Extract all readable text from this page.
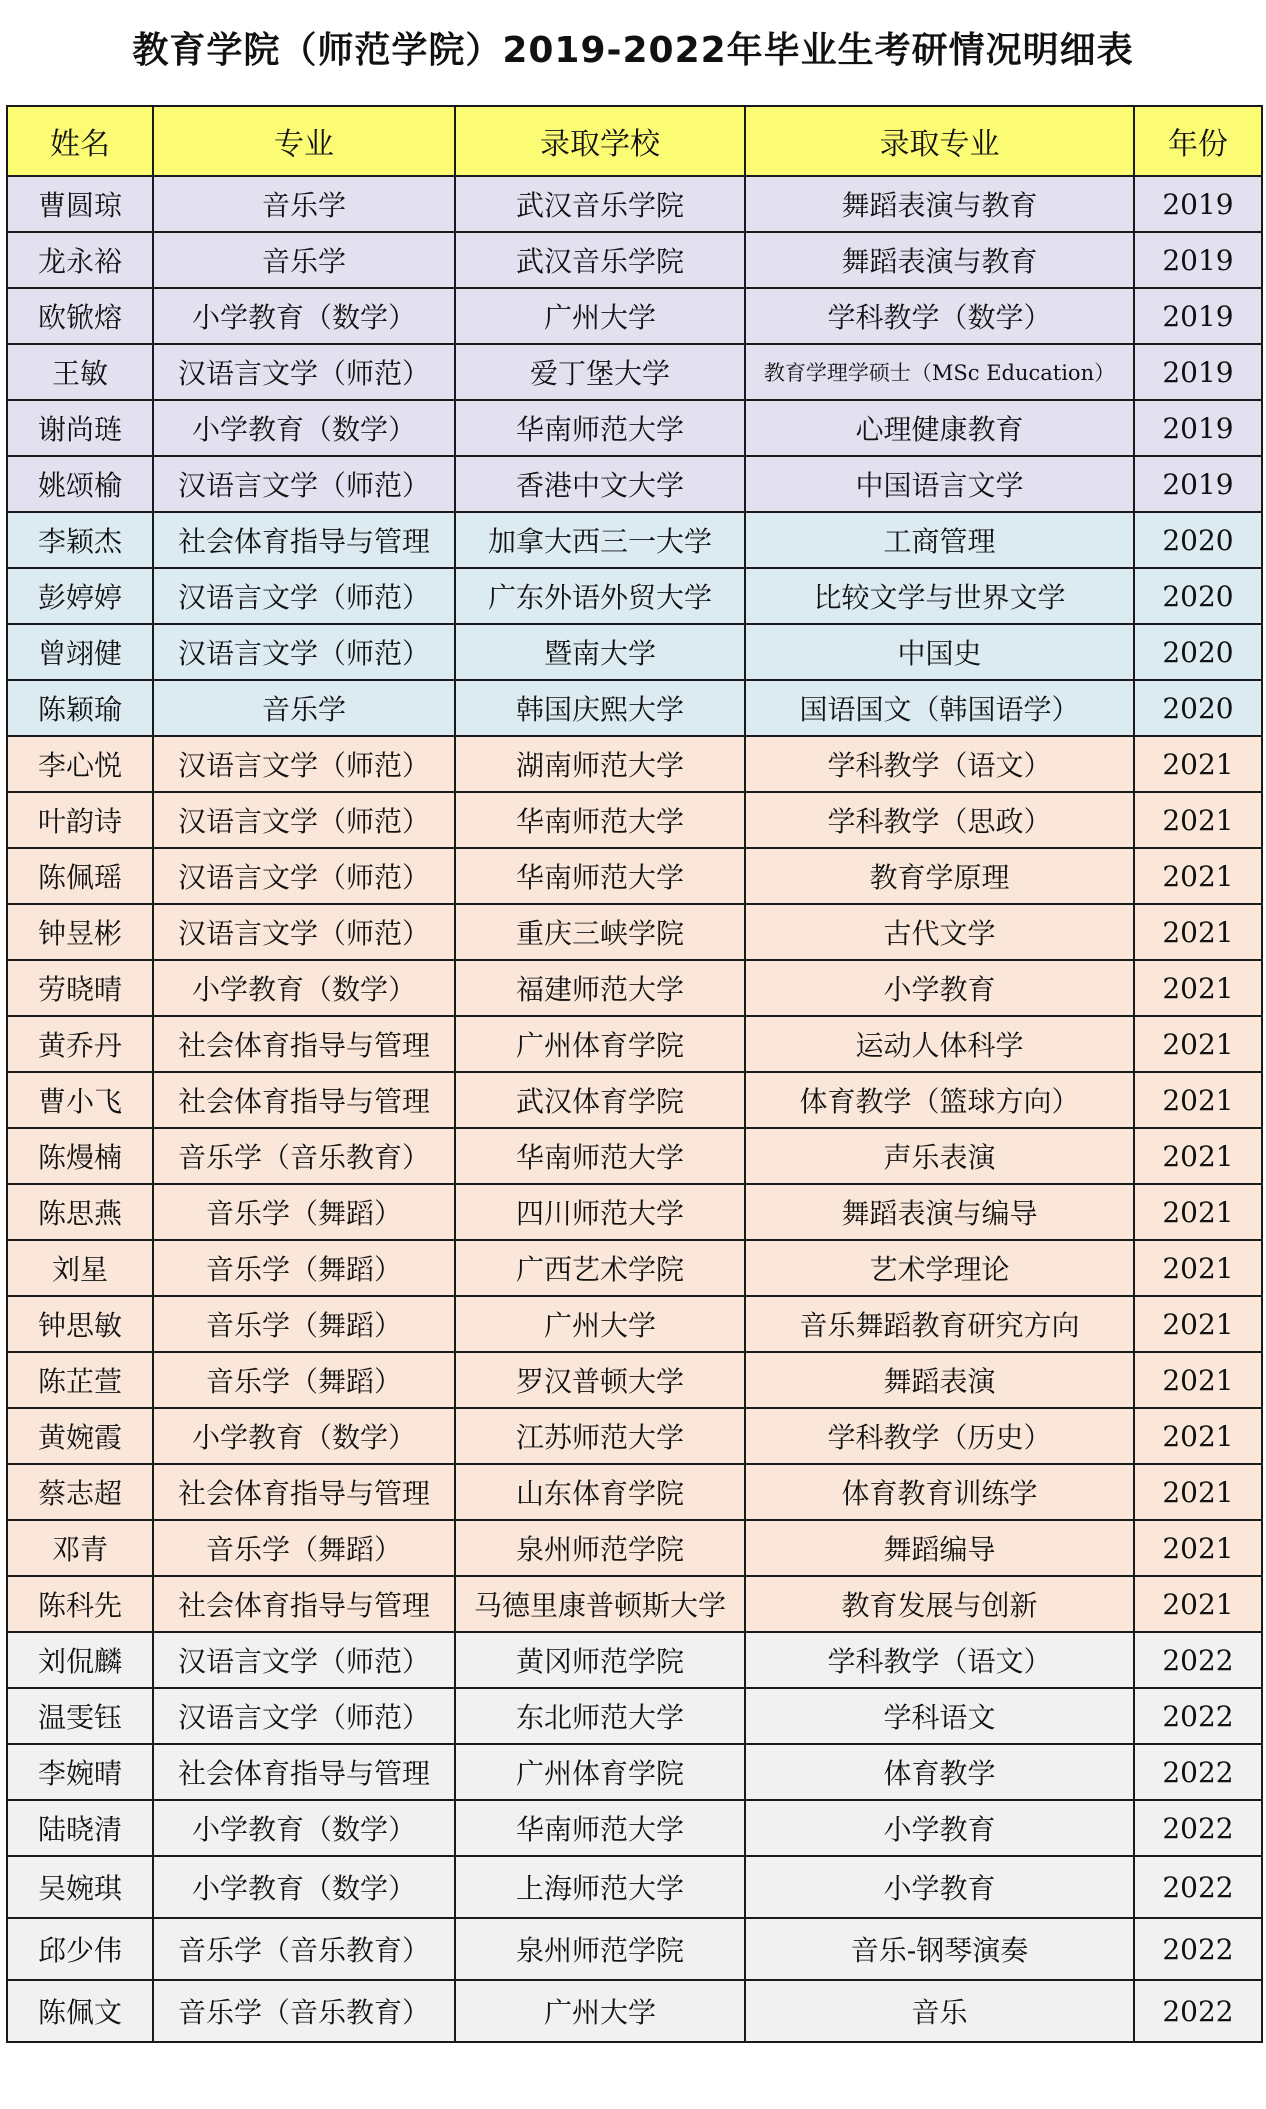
教育学院（师范学院）2019-2022年毕业生考研情况明细表
姓名	专业	录取学校	录取专业	年份
曹圆琼	音乐学	武汉音乐学院	舞蹈表演与教育	2019
龙永裕	音乐学	武汉音乐学院	舞蹈表演与教育	2019
欧锨熔	小学教育（数学）	广州大学	学科教学（数学）	2019
王敏	汉语言文学（师范）	爱丁堡大学	教育学理学硕士（MSc Education）	2019
谢尚琏	小学教育（数学）	华南师范大学	心理健康教育	2019
姚颂榆	汉语言文学（师范）	香港中文大学	中国语言文学	2019
李颖杰	社会体育指导与管理	加拿大西三一大学	工商管理	2020
彭婷婷	汉语言文学（师范）	广东外语外贸大学	比较文学与世界文学	2020
曾翊健	汉语言文学（师范）	暨南大学	中国史	2020
陈颖瑜	音乐学	韩国庆熙大学	国语国文（韩国语学）	2020
李心悦	汉语言文学（师范）	湖南师范大学	学科教学（语文）	2021
叶韵诗	汉语言文学（师范）	华南师范大学	学科教学（思政）	2021
陈佩瑶	汉语言文学（师范）	华南师范大学	教育学原理	2021
钟昱彬	汉语言文学（师范）	重庆三峡学院	古代文学	2021
劳晓晴	小学教育（数学）	福建师范大学	小学教育	2021
黄乔丹	社会体育指导与管理	广州体育学院	运动人体科学	2021
曹小飞	社会体育指导与管理	武汉体育学院	体育教学（篮球方向）	2021
陈熳楠	音乐学（音乐教育）	华南师范大学	声乐表演	2021
陈思燕	音乐学（舞蹈）	四川师范大学	舞蹈表演与编导	2021
刘星	音乐学（舞蹈）	广西艺术学院	艺术学理论	2021
钟思敏	音乐学（舞蹈）	广州大学	音乐舞蹈教育研究方向	2021
陈芷萱	音乐学（舞蹈）	罗汉普顿大学	舞蹈表演	2021
黄婉霞	小学教育（数学）	江苏师范大学	学科教学（历史）	2021
蔡志超	社会体育指导与管理	山东体育学院	体育教育训练学	2021
邓青	音乐学（舞蹈）	泉州师范学院	舞蹈编导	2021
陈科先	社会体育指导与管理	马德里康普顿斯大学	教育发展与创新	2021
刘侃麟	汉语言文学（师范）	黄冈师范学院	学科教学（语文）	2022
温雯钰	汉语言文学（师范）	东北师范大学	学科语文	2022
李婉晴	社会体育指导与管理	广州体育学院	体育教学	2022
陆晓清	小学教育（数学）	华南师范大学	小学教育	2022
吴婉琪	小学教育（数学）	上海师范大学	小学教育	2022
邱少伟	音乐学（音乐教育）	泉州师范学院	音乐-钢琴演奏	2022
陈佩文	音乐学（音乐教育）	广州大学	音乐	2022
